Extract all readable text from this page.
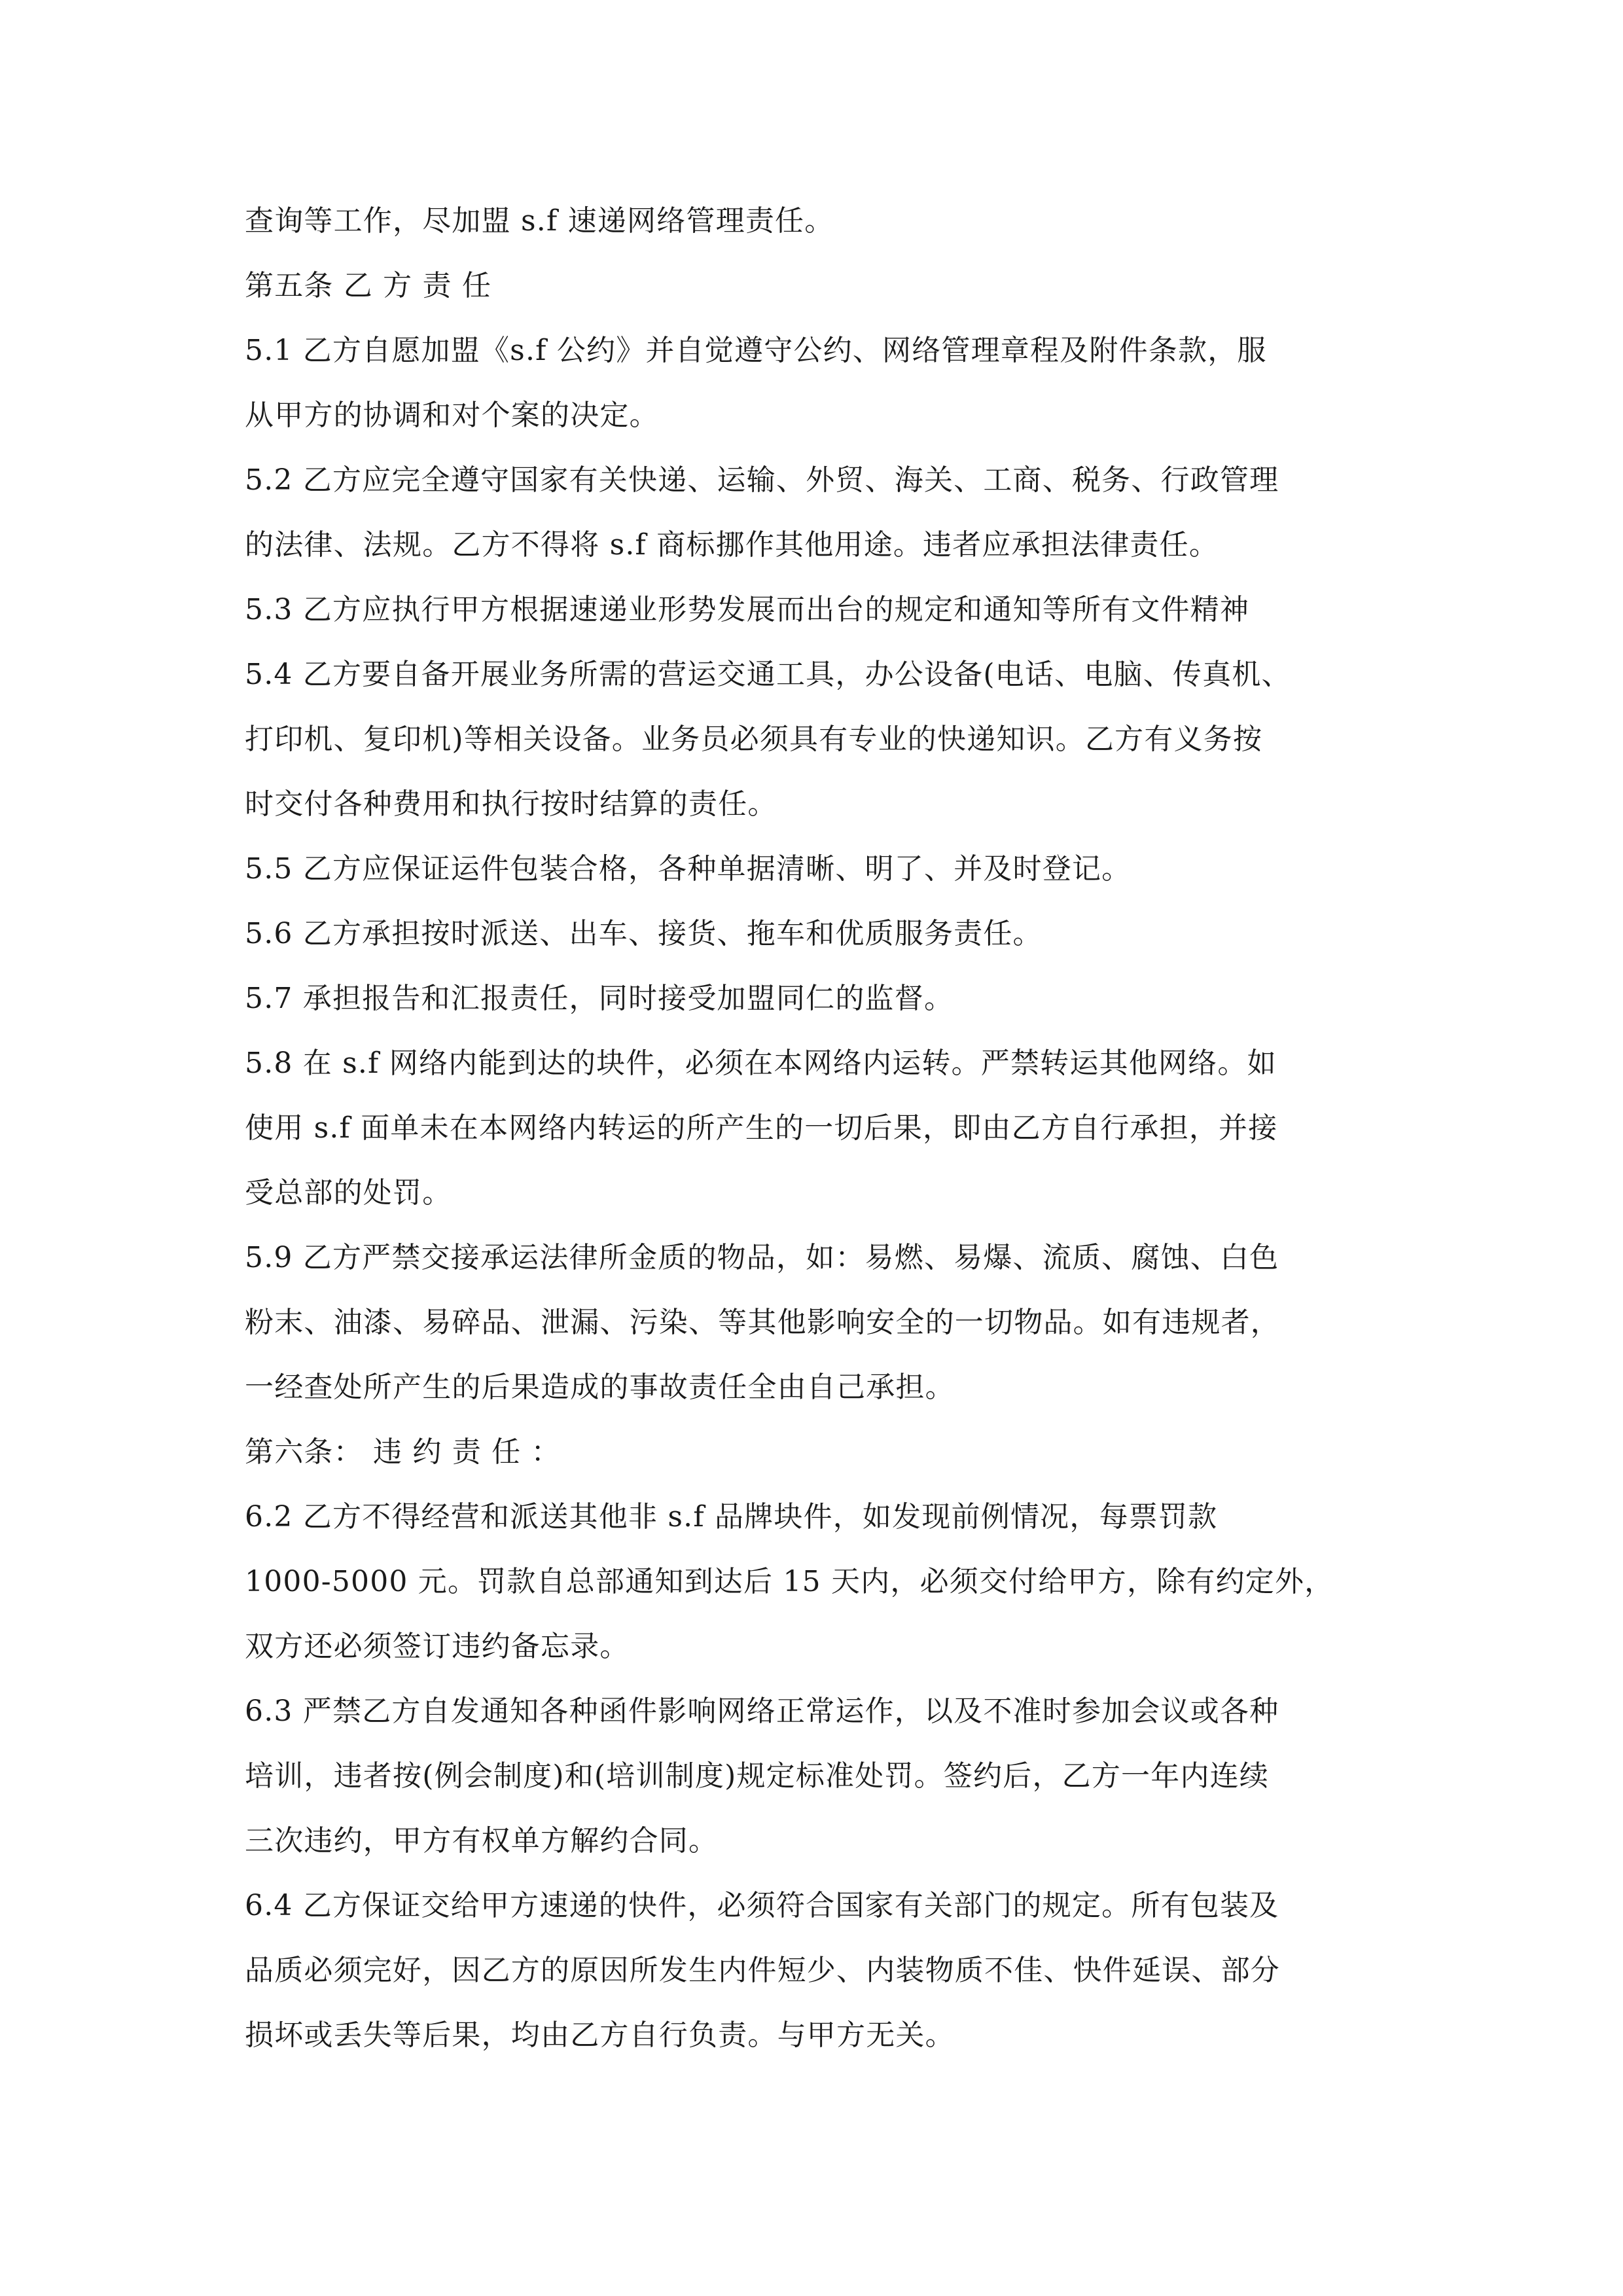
查询等工作，尽加盟 s.f 速递网络管理责任。
第五条 乙 方 责 任
5.1 乙方自愿加盟《s.f 公约》并自觉遵守公约、网络管理章程及附件条款，服
从甲方的协调和对个案的决定。
5.2 乙方应完全遵守国家有关快递、运输、外贸、海关、工商、税务、行政管理
的法律、法规。乙方不得将 s.f 商标挪作其他用途。违者应承担法律责任。
5.3 乙方应执行甲方根据速递业形势发展而出台的规定和通知等所有文件精神
5.4 乙方要自备开展业务所需的营运交通工具，办公设备(电话、电脑、传真机、
打印机、复印机)等相关设备。业务员必须具有专业的快递知识。乙方有义务按
时交付各种费用和执行按时结算的责任。
5.5 乙方应保证运件包装合格，各种单据清晰、明了、并及时登记。
5.6 乙方承担按时派送、出车、接货、拖车和优质服务责任。
5.7 承担报告和汇报责任，同时接受加盟同仁的监督。
5.8 在 s.f 网络内能到达的块件，必须在本网络内运转。严禁转运其他网络。如
使用 s.f 面单未在本网络内转运的所产生的一切后果，即由乙方自行承担，并接
受总部的处罚。
5.9 乙方严禁交接承运法律所金质的物品，如：易燃、易爆、流质、腐蚀、白色
粉末、油漆、易碎品、泄漏、污染、等其他影响安全的一切物品。如有违规者，
一经查处所产生的后果造成的事故责任全由自己承担。
第六条： 违 约 责 任 ：
6.2 乙方不得经营和派送其他非 s.f 品牌块件，如发现前例情况，每票罚款
1000-5000 元。罚款自总部通知到达后 15 天内，必须交付给甲方，除有约定外，
双方还必须签订违约备忘录。
6.3 严禁乙方自发通知各种函件影响网络正常运作，以及不准时参加会议或各种
培训，违者按(例会制度)和(培训制度)规定标准处罚。签约后，乙方一年内连续
三次违约，甲方有权单方解约合同。
6.4 乙方保证交给甲方速递的快件，必须符合国家有关部门的规定。所有包装及
品质必须完好，因乙方的原因所发生内件短少、内装物质不佳、快件延误、部分
损坏或丢失等后果，均由乙方自行负责。与甲方无关。
